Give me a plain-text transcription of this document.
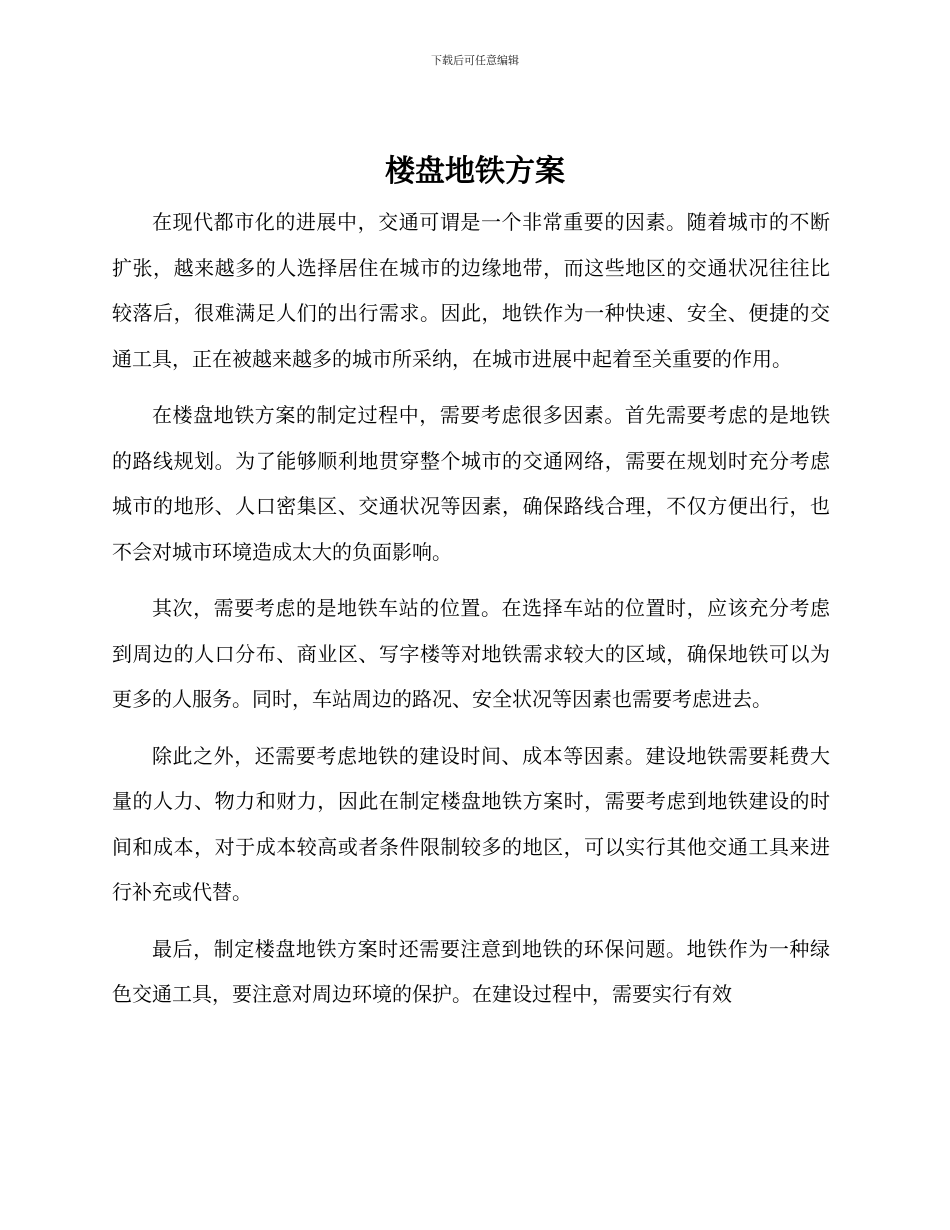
下载后可任意编辑
楼盘地铁方案

在现代都市化的进展中，交通可谓是一个非常重要的因素。随着城市的不断扩张，越来越多的人选择居住在城市的边缘地带，而这些地区的交通状况往往比较落后，很难满足人们的出行需求。因此，地铁作为一种快速、安全、便捷的交通工具，正在被越来越多的城市所采纳，在城市进展中起着至关重要的作用。

在楼盘地铁方案的制定过程中，需要考虑很多因素。首先需要考虑的是地铁的路线规划。为了能够顺利地贯穿整个城市的交通网络，需要在规划时充分考虑城市的地形、人口密集区、交通状况等因素，确保路线合理，不仅方便出行，也不会对城市环境造成太大的负面影响。

其次，需要考虑的是地铁车站的位置。在选择车站的位置时，应该充分考虑到周边的人口分布、商业区、写字楼等对地铁需求较大的区域，确保地铁可以为更多的人服务。同时，车站周边的路况、安全状况等因素也需要考虑进去。

除此之外，还需要考虑地铁的建设时间、成本等因素。建设地铁需要耗费大量的人力、物力和财力，因此在制定楼盘地铁方案时，需要考虑到地铁建设的时间和成本，对于成本较高或者条件限制较多的地区，可以实行其他交通工具来进行补充或代替。

最后，制定楼盘地铁方案时还需要注意到地铁的环保问题。地铁作为一种绿色交通工具，要注意对周边环境的保护。在建设过程中，需要实行有效
